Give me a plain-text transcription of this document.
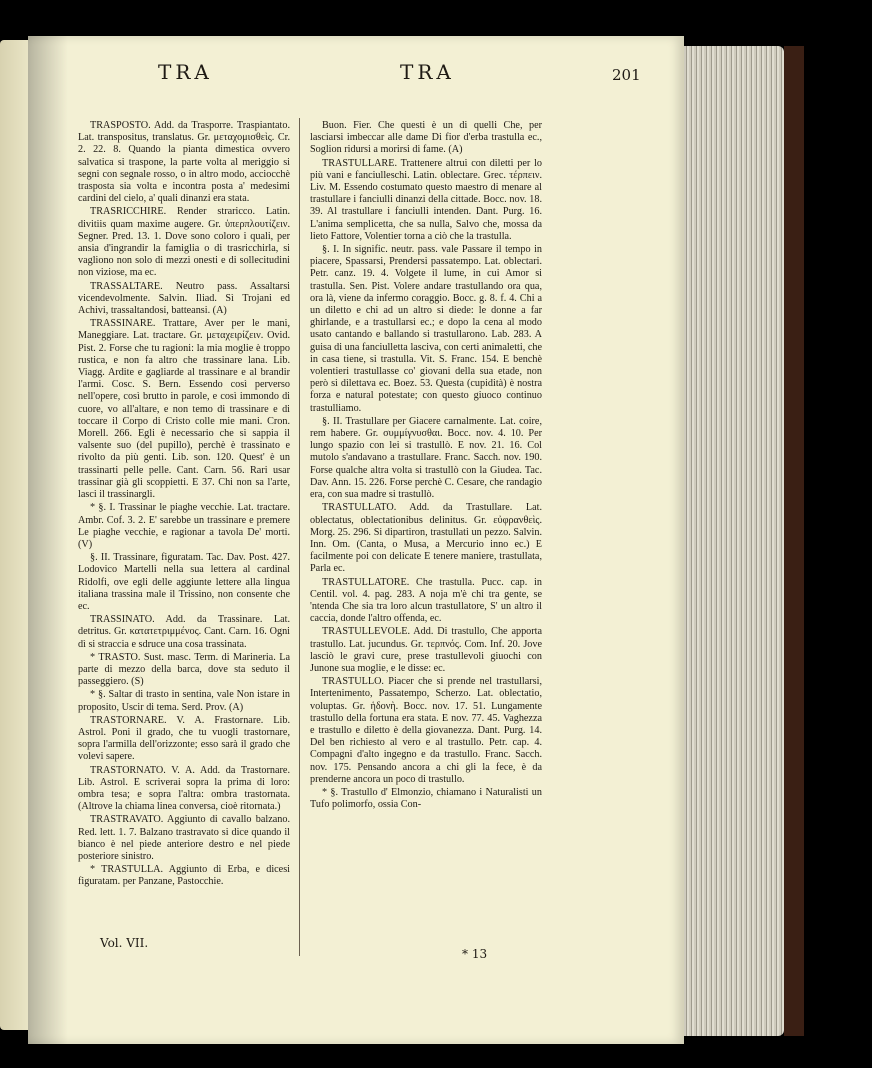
TRA	TRA	201

TRASPOSTO. Add. da Trasporre. Traspiantato. Lat. transpositus, translatus. Gr. μεταχομισθεὶς. Cr. 2. 22. 8. Quando la pianta dimestica ovvero salvatica si traspone, la parte volta al meriggio si segni con segnale rosso, o in altro modo, acciocchè trasposta sia volta e incontra posta a' medesimi cardini del cielo, a' quali dinanzi era stata.

TRASRICCHIRE. Render straricco. Latin. divitiis quam maxime augere. Gr. ὑπερπλουτίζειν. Segner. Pred. 13. 1. Dove sono coloro i quali, per ansia d'ingrandir la famiglia o di trasricchirla, si vagliono non solo di mezzi onesti e di sollecitudini non viziose, ma ec.

TRASSALTARE. Neutro pass. Assaltarsi vicendevolmente. Salvin. Iliad. Sì Trojani ed Achivi, trassaltandosi, batteansi. (A)

TRASSINARE. Trattare, Aver per le mani, Maneggiare. Lat. tractare. Gr. μεταχειρίζειν. Ovid. Pist. 2. Forse che tu ragioni: la mia moglie è troppo rustica, e non fa altro che trassinare lana. Lib. Viagg. Ardite e gagliarde al trassinare e al brandir l'armi. Cosc. S. Bern. Essendo così perverso nell'opere, così brutto in parole, e così immondo di cuore, vo all'altare, e non temo di trassinare e di toccare il Corpo di Cristo colle mie mani. Cron. Morell. 266. Egli è necessario che si sappia il valsente suo (del pupillo), perchè è trassinato e rivolto da più genti. Lib. son. 120. Quest' è un trassinarti pelle pelle. Cant. Carn. 56. Rari usar trassinar già gli scoppietti. E 37. Chi non sa l'arte, lasci il trassinargli.

* §. I. Trassinar le piaghe vecchie. Lat. tractare. Ambr. Cof. 3. 2. E' sarebbe un trassinare e premere Le piaghe vecchie, e ragionar a tavola De' morti. (V)

§. II. Trassinare, figuratam. Tac. Dav. Post. 427. Lodovico Martelli nella sua lettera al cardinal Ridolfi, ove egli delle aggiunte lettere alla lingua italiana trassina male il Trissino, non consente che ec.

TRASSINATO. Add. da Trassinare. Lat. detritus. Gr. κατατετριμμένος. Cant. Carn. 16. Ogni dì si straccia e sdruce una cosa trassinata.

* TRASTO. Sust. masc. Term. di Marineria. La parte di mezzo della barca, dove sta seduto il passeggiero. (S)

* §. Saltar di trasto in sentina, vale Non istare in proposito, Uscir di tema. Serd. Prov. (A)

TRASTORNARE. V. A. Frastornare. Lib. Astrol. Poni il grado, che tu vuogli trastornare, sopra l'armilla dell'orizzonte; esso sarà il grado che volevi sapere.

TRASTORNATO. V. A. Add. da Trastornare. Lib. Astrol. E scriverai sopra la prima di loro: ombra tesa; e sopra l'altra: ombra trastornata. (Altrove la chiama linea conversa, cioè ritornata.)

TRASTRAVATO. Aggiunto di cavallo balzano. Red. lett. 1. 7. Balzano trastravato si dice quando il bianco è nel piede anteriore destro e nel piede posteriore sinistro.

* TRASTULLA. Aggiunto di Erba, e dicesi figuratam. per Panzane, Pastocchie.

Buon. Fier. Che questi è un di quelli Che, per lasciarsi imbeccar alle dame Di fior d'erba trastulla ec., Soglion ridursi a morirsi di fame. (A)

TRASTULLARE. Trattenere altrui con diletti per lo più vani e fanciulleschi. Latin. oblectare. Grec. τέρπειν. Liv. M. Essendo costumato questo maestro di menare al trastullare i fanciulli dinanzi della cittade. Bocc. nov. 18. 39. Al trastullare i fanciulli intenden. Dant. Purg. 16. L'anima semplicetta, che sa nulla, Salvo che, mossa da lieto Fattore, Volentier torna a ciò che la trastulla.

§. I. In signific. neutr. pass. vale Passare il tempo in piacere, Spassarsi, Prendersi passatempo. Lat. oblectari. Petr. canz. 19. 4. Volgete il lume, in cui Amor si trastulla. Sen. Pist. Volere andare trastullando ora qua, ora là, viene da infermo coraggio. Bocc. g. 8. f. 4. Chi a un diletto e chi ad un altro si diede: le donne a far ghirlande, e a trastullarsi ec.; e dopo la cena al modo usato cantando e ballando si trastullarono. Lab. 283. A guisa di una fanciulletta lasciva, con certi animaletti, che in casa tiene, si trastulla. Vit. S. Franc. 154. E benchè volentieri trastullasse co' giovani della sua etade, non però si dilettava ec. Boez. 53. Questa (cupidità) è nostra forza e natural potestate; con questo giuoco continuo trastulliamo.

§. II. Trastullare per Giacere carnalmente. Lat. coire, rem habere. Gr. συμμίγνυσθαι. Bocc. nov. 4. 10. Per lungo spazio con lei si trastullò. E nov. 21. 16. Col mutolo s'andavano a trastullare. Franc. Sacch. nov. 190. Forse qualche altra volta si trastullò con la Giudea. Tac. Dav. Ann. 15. 226. Forse perchè C. Cesare, che randagio era, con sua madre si trastullò.

TRASTULLATO. Add. da Trastullare. Lat. oblectatus, oblectationibus delinitus. Gr. εὐφρανθεὶς. Morg. 25. 296. Si dipartiron, trastullati un pezzo. Salvin. Inn. Om. (Canta, o Musa, a Mercurio inno ec.) E facilmente poi con delicate E tenere maniere, trastullata, Parla ec.

TRASTULLATORE. Che trastulla. Pucc. cap. in Centil. vol. 4. pag. 283. A noja m'è chi tra gente, se 'ntenda Che sia tra loro alcun trastullatore, S' un altro il caccia, donde l'altro offenda, ec.

TRASTULLEVOLE. Add. Di trastullo, Che apporta trastullo. Lat. jucundus. Gr. τερπνός. Com. Inf. 20. Jove lasciò le gravi cure, prese trastullevoli giuochi con Junone sua moglie, e le disse: ec.

TRASTULLO. Piacer che si prende nel trastullarsi, Intertenimento, Passatempo, Scherzo. Lat. oblectatio, voluptas. Gr. ἡδονὴ. Bocc. nov. 17. 51. Lungamente trastullo della fortuna era stata. E nov. 77. 45. Vaghezza e trastullo e diletto è della giovanezza. Dant. Purg. 14. Del ben richiesto al vero e al trastullo. Petr. cap. 4. Compagni d'alto ingegno e da trastullo. Franc. Sacch. nov. 175. Pensando ancora a chi gli la fece, è da prenderne ancora un poco di trastullo.

* §. Trastullo d' Elmonzio, chiamano i Naturalisti un Tufo polimorfo, ossia Con-

Vol. VII.
* 13
